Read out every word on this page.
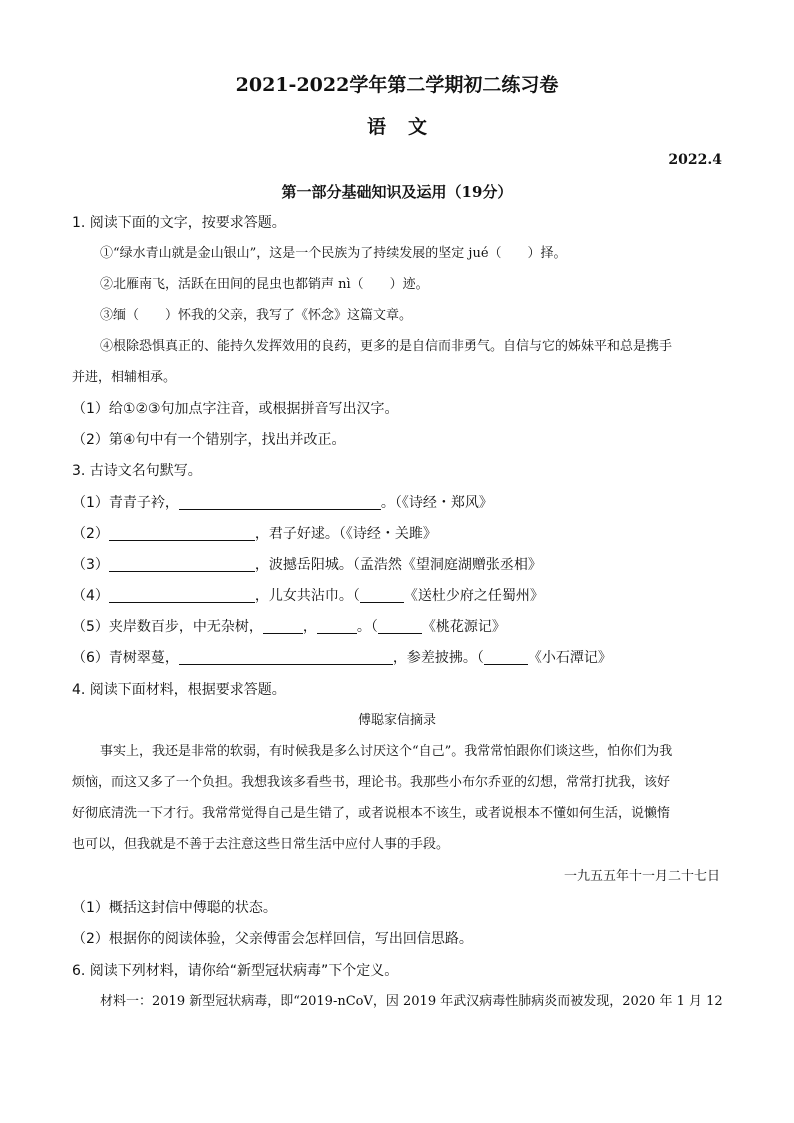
2021-2022学年第二学期初二练习卷
语文
2022.4
第一部分基础知识及运用（19分）
1. 阅读下面的文字，按要求答题。
①“绿水青山就是金山银山”，这是一个民族为了持续发展的坚定 jué（　　）择。
②北雁南飞，活跃在田间的昆虫也都销声 nì（　　）迹。
③缅（　　）怀我的父亲，我写了《怀念》这篇文章。
④根除恐惧真正的、能持久发挥效用的良药，更多的是自信而非勇气。自信与它的姊妹平和总是携手
并进，相辅相承。
（1）给①②③句加点字注音，或根据拼音写出汉字。
（2）第④句中有一个错别字，找出并改正。
3. 古诗文名句默写。
（1）青青子衿，	。（《诗经・郑风》
（2）	，君子好逑。（《诗经・关雎》
（3）	，波撼岳阳城。（孟浩然《望洞庭湖赠张丞相》
（4）	，儿女共沾巾。（	《送杜少府之任蜀州》
（5）夹岸数百步，中无杂树，	，	。（	《桃花源记》
（6）青树翠蔓，	，参差披拂。（	《小石潭记》
4. 阅读下面材料，根据要求答题。
傅聪家信摘录
事实上，我还是非常的软弱，有时候我是多么讨厌这个“自己”。我常常怕跟你们谈这些，怕你们为我
烦恼，而这又多了一个负担。我想我该多看些书，理论书。我那些小布尔乔亚的幻想，常常打扰我，该好
好彻底清洗一下才行。我常常觉得自己是生错了，或者说根本不该生，或者说根本不懂如何生活，说懒惰
也可以，但我就是不善于去注意这些日常生活中应付人事的手段。
一九五五年十一月二十七日
（1）概括这封信中傅聪的状态。
（2）根据你的阅读体验，父亲傅雷会怎样回信，写出回信思路。
6. 阅读下列材料，请你给“新型冠状病毒”下个定义。
材料一：2019 新型冠状病毒，即“2019-nCoV，因 2019 年武汉病毒性肺病炎而被发现，2020 年 1 月 12
